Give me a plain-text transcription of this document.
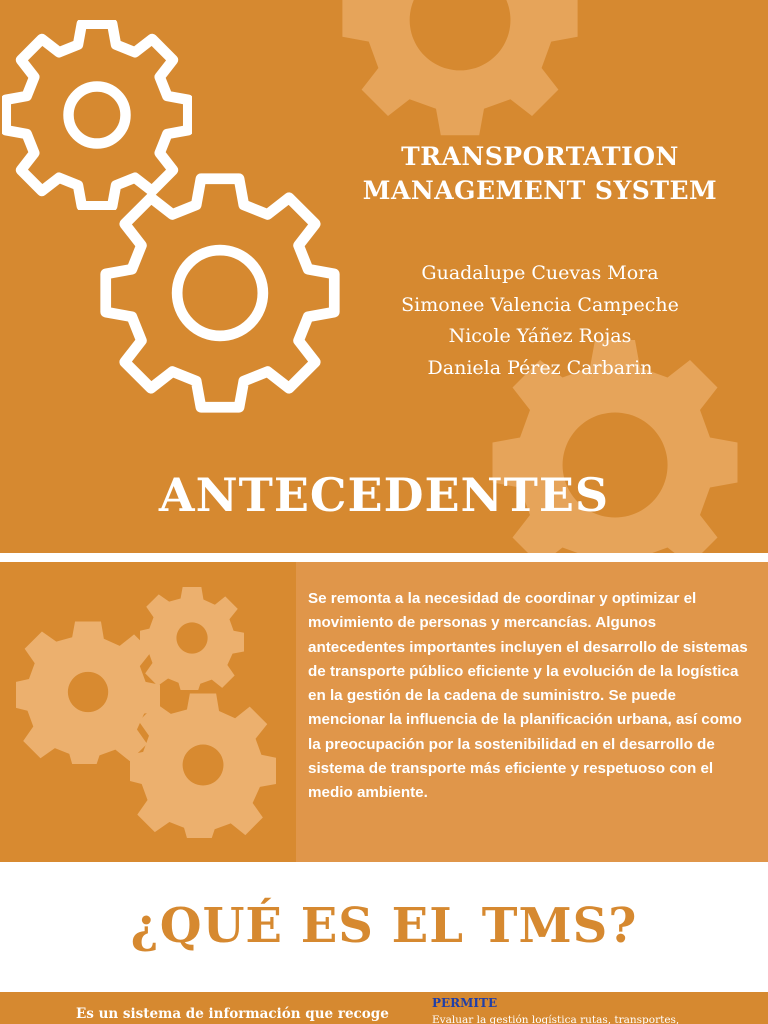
TRANSPORTATION
MANAGEMENT SYSTEM
Guadalupe Cuevas Mora
Simonee Valencia Campeche
Nicole Yáñez Rojas
Daniela Pérez Carbarin
ANTECEDENTES
Se remonta a la necesidad de coordinar y optimizar el movimiento de personas y mercancías. Algunos antecedentes importantes incluyen el desarrollo de sistemas de transporte público eficiente y la evolución de la logística en la gestión de la cadena de suministro. Se puede mencionar la influencia de la planificación urbana, así como la preocupación por la sostenibilidad en el desarrollo de sistema de transporte más eficiente y respetuoso con el medio ambiente.
¿QUÉ ES EL TMS?
Es un sistema de información que recoge
PERMITE
Evaluar la gestión logística rutas, transportes,
